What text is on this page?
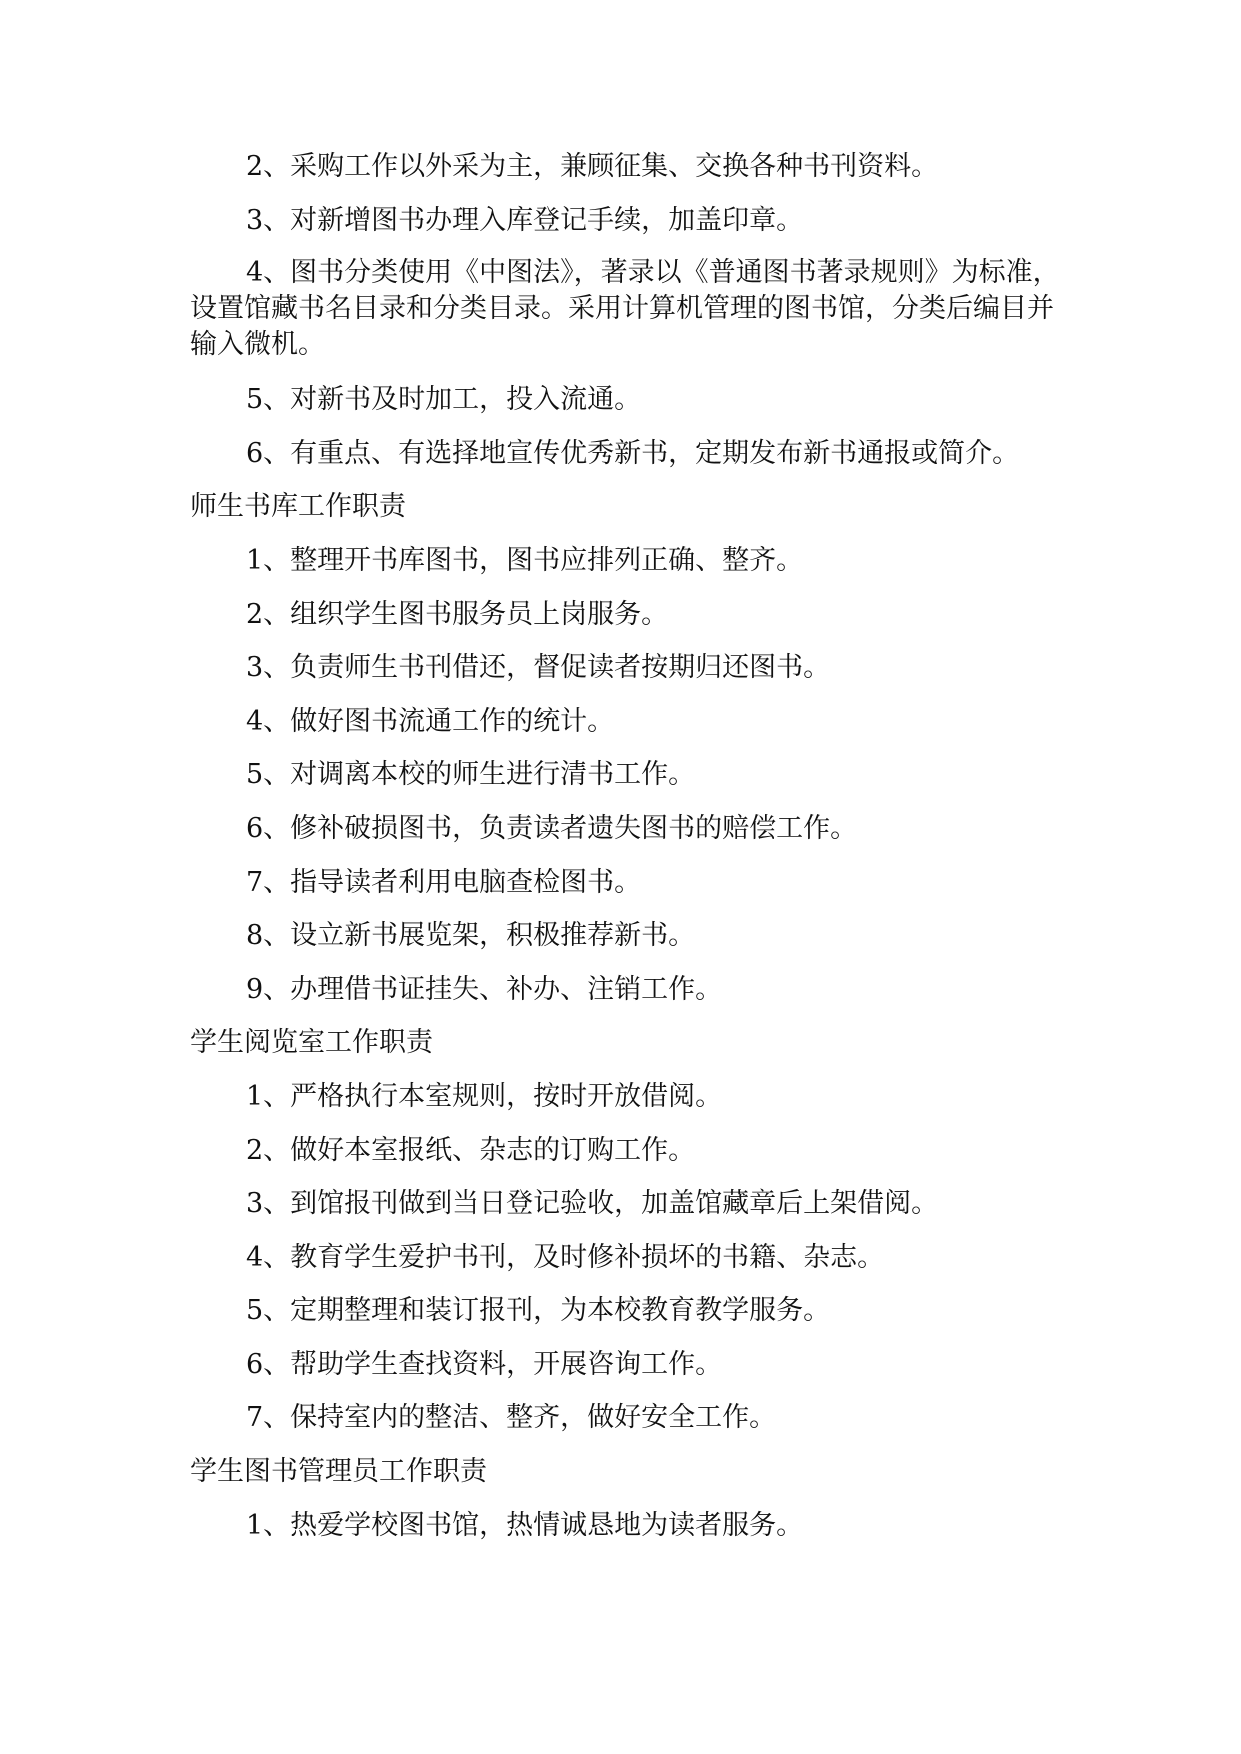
2、采购工作以外采为主，兼顾征集、交换各种书刊资料。
3、对新增图书办理入库登记手续，加盖印章。
4、图书分类使用《中图法》，著录以《普通图书著录规则》为标准，设置馆藏书名目录和分类目录。采用计算机管理的图书馆，分类后编目并输入微机。
5、对新书及时加工，投入流通。
6、有重点、有选择地宣传优秀新书，定期发布新书通报或简介。
师生书库工作职责
1、整理开书库图书，图书应排列正确、整齐。
2、组织学生图书服务员上岗服务。
3、负责师生书刊借还，督促读者按期归还图书。
4、做好图书流通工作的统计。
5、对调离本校的师生进行清书工作。
6、修补破损图书，负责读者遗失图书的赔偿工作。
7、指导读者利用电脑查检图书。
8、设立新书展览架，积极推荐新书。
9、办理借书证挂失、补办、注销工作。
学生阅览室工作职责
1、严格执行本室规则，按时开放借阅。
2、做好本室报纸、杂志的订购工作。
3、到馆报刊做到当日登记验收，加盖馆藏章后上架借阅。
4、教育学生爱护书刊，及时修补损坏的书籍、杂志。
5、定期整理和装订报刊，为本校教育教学服务。
6、帮助学生查找资料，开展咨询工作。
7、保持室内的整洁、整齐，做好安全工作。
学生图书管理员工作职责
1、热爱学校图书馆，热情诚恳地为读者服务。
